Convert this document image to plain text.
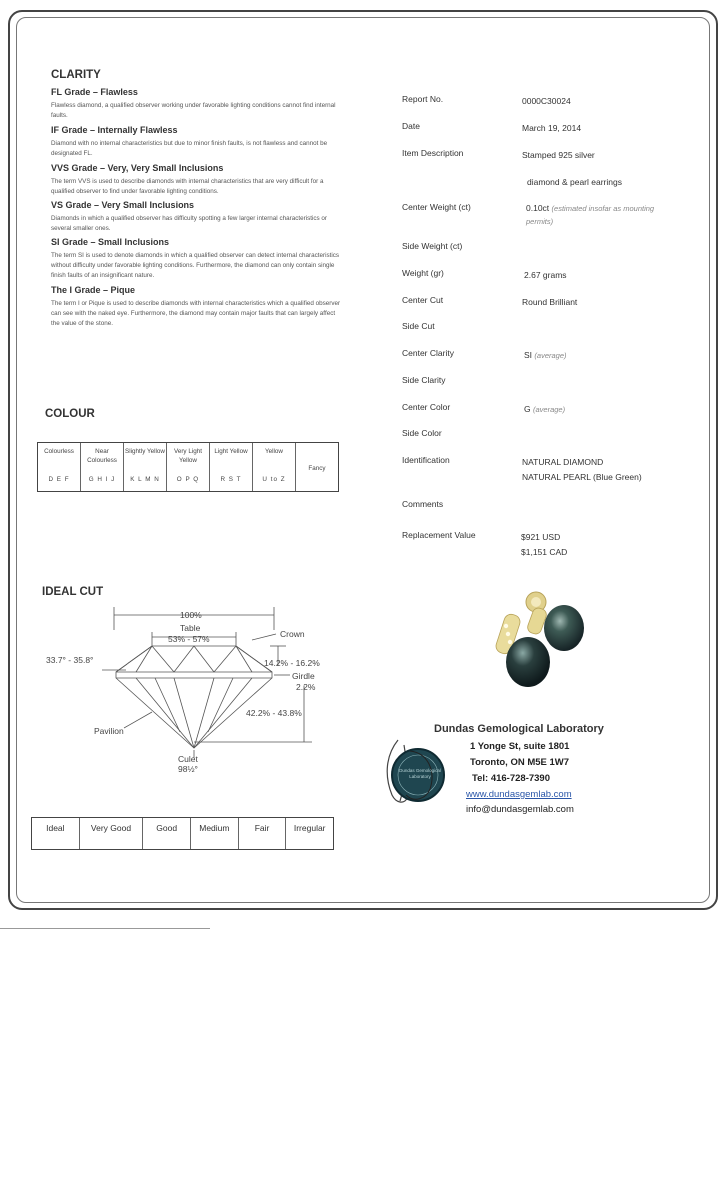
CLARITY
FL Grade – Flawless
Flawless diamond, a qualified observer working under favorable lighting conditions cannot find internal faults.
IF Grade – Internally Flawless
Diamond with no internal characteristics but due to minor finish faults, is not flawless and cannot be designated FL.
VVS Grade – Very, Very Small Inclusions
The term VVS is used to describe diamonds with internal characteristics that are very difficult for a qualified observer to find under favorable lighting conditions.
VS Grade – Very Small Inclusions
Diamonds in which a qualified observer has difficulty spotting a few larger internal characteristics or several smaller ones.
SI Grade – Small Inclusions
The term SI is used to denote diamonds in which a qualified observer can detect internal characteristics without difficulty under favorable lighting conditions. Furthermore, the diamond can only contain single finish faults of an insignificant nature.
The I Grade – Pique
The term I or Pique is used to describe diamonds with internal characteristics which a qualified observer can see with the naked eye. Furthermore, the diamond may contain major faults that can largely affect the value of the stone.
COLOUR
Colourless
D E F
Near Colourless
G H I J
Slightly Yellow
K L M N
Very Light Yellow
O P Q
Light Yellow
R S T
Yellow
U to Z
Fancy
IDEAL CUT
100%
Table
53% - 57%	Crown
33.7° - 35.8°	14.2% - 16.2%
Girdle
2.2%
42.2% - 43.8%
Pavilion
Culet
98½°
Ideal	Very Good	Good	Medium	Fair	Irregular
Report No.	0000C30024
Date	March 19, 2014
Item Description	Stamped 925 silver
diamond & pearl earrings
Center Weight (ct)	0.10ct (estimated insofar as mounting permits)
Side Weight (ct)
Weight (gr)	2.67 grams
Center Cut	Round Brilliant
Side Cut
Center Clarity	SI (average)
Side Clarity
Center Color	G (average)
Side Color
Identification	NATURAL DIAMOND
NATURAL PEARL (Blue Green)
Comments
Replacement Value	$921 USD
$1,151 CAD
Dundas Gemological Laboratory
1 Yonge St, suite 1801
Toronto, ON M5E 1W7
Tel: 416-728-7390
www.dundasgemlab.com
info@dundasgemlab.com
Dundas Gemological Laboratory
